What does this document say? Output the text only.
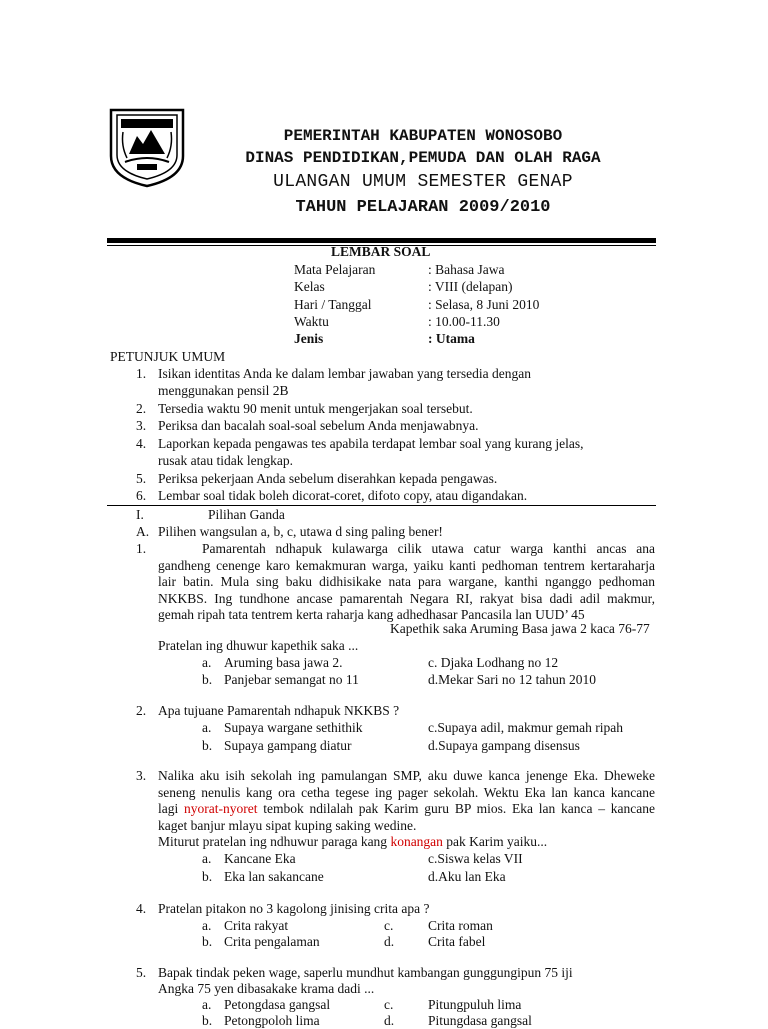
PEMERINTAH KABUPATEN WONOSOBO
DINAS PENDIDIKAN,PEMUDA DAN OLAH RAGA
ULANGAN UMUM SEMESTER GENAP
TAHUN PELAJARAN 2009/2010
LEMBAR SOAL
Mata Pelajaran	: Bahasa Jawa
Kelas	: VIII (delapan)
Hari / Tanggal	: Selasa, 8 Juni 2010
Waktu	: 10.00-11.30
Jenis	: Utama
PETUNJUK UMUM
1. Isikan identitas Anda ke dalam lembar jawaban yang tersedia dengan
menggunakan pensil 2B
2. Tersedia waktu 90 menit untuk mengerjakan soal tersebut.
3. Periksa dan bacalah soal-soal sebelum Anda menjawabnya.
4. Laporkan kepada pengawas tes apabila terdapat lembar soal yang kurang jelas,
rusak atau tidak lengkap.
5. Periksa pekerjaan Anda sebelum diserahkan kepada pengawas.
6. Lembar soal tidak boleh dicorat-coret, difoto copy, atau digandakan.
I.	Pilihan Ganda
A. Pilihen wangsulan a, b, c, utawa d sing paling bener!
1.	Pamarentah ndhapuk kulawarga cilik utawa catur warga kanthi ancas ana
gandheng cenenge karo kemakmuran warga, yaiku kanti pedhoman tentrem kertaraharja
lair batin. Mula sing baku didhisikake nata para wargane, kanthi nganggo pedhoman
NKKBS. Ing tundhone ancase pamarentah Negara RI, rakyat bisa dadi adil makmur,
gemah ripah tata tentrem kerta raharja kang adhedhasar Pancasila lan UUD’ 45
Kapethik saka Aruming Basa jawa 2 kaca 76-77
Pratelan ing dhuwur kapethik saka ...
a. Aruming basa jawa 2.	c. Djaka Lodhang no 12
b. Panjebar semangat no 11	d.Mekar Sari no 12 tahun 2010
2. Apa tujuane Pamarentah ndhapuk NKKBS ?
a. Supaya wargane sethithik	c.Supaya adil, makmur gemah ripah
b. Supaya gampang diatur	d.Supaya gampang disensus
3. Nalika aku isih sekolah ing pamulangan SMP, aku duwe kanca jenenge Eka. Dheweke
seneng nenulis kang ora cetha tegese ing pager sekolah. Wektu Eka lan kanca kancane
lagi nyorat-nyoret tembok ndilalah pak Karim guru BP mios. Eka lan kanca – kancane
kaget banjur mlayu sipat kuping saking wedine.
Miturut pratelan ing ndhuwur paraga kang konangan pak Karim yaiku...
a. Kancane Eka	c.Siswa kelas VII
b. Eka lan sakancane	d.Aku lan Eka
4. Pratelan pitakon no 3 kagolong jinising crita apa ?
a. Crita rakyat	c.	Crita roman
b. Crita pengalaman	d.	Crita fabel
5. Bapak tindak peken wage, saperlu mundhut kambangan gunggungipun 75 iji
Angka 75 yen dibasakake krama dadi ...
a. Petongdasa gangsal	c.	Pitungpuluh lima
b. Petongpoloh lima	d.	Pitungdasa gangsal
